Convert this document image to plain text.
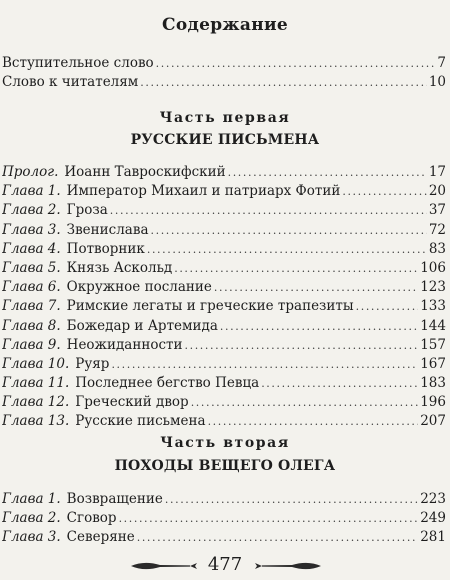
Содержание
Вступительное слово .....	7
Слово к читателям .....	10
Часть первая
РУССКИЕ ПИСЬМЕНА
Пролог. Иоанн Тавроскифский .....	17
Глава 1. Император Михаил и патриарх Фотий .....	20
Глава 2. Гроза .....	37
Глава 3. Звенислава .....	72
Глава 4. Потворник .....	83
Глава 5. Князь Аскольд .....	106
Глава 6. Окружное послание .....	123
Глава 7. Римские легаты и греческие трапезиты .....	133
Глава 8. Божедар и Артемида .....	144
Глава 9. Неожиданности .....	157
Глава 10. Руяр .....	167
Глава 11. Последнее бегство Певца .....	183
Глава 12. Греческий двор .....	196
Глава 13. Русские письмена .....	207
Часть вторая
ПОХОДЫ ВЕЩЕГО ОЛЕГА
Глава 1. Возвращение .....	223
Глава 2. Сговор .....	249
Глава 3. Северяне .....	281
477
